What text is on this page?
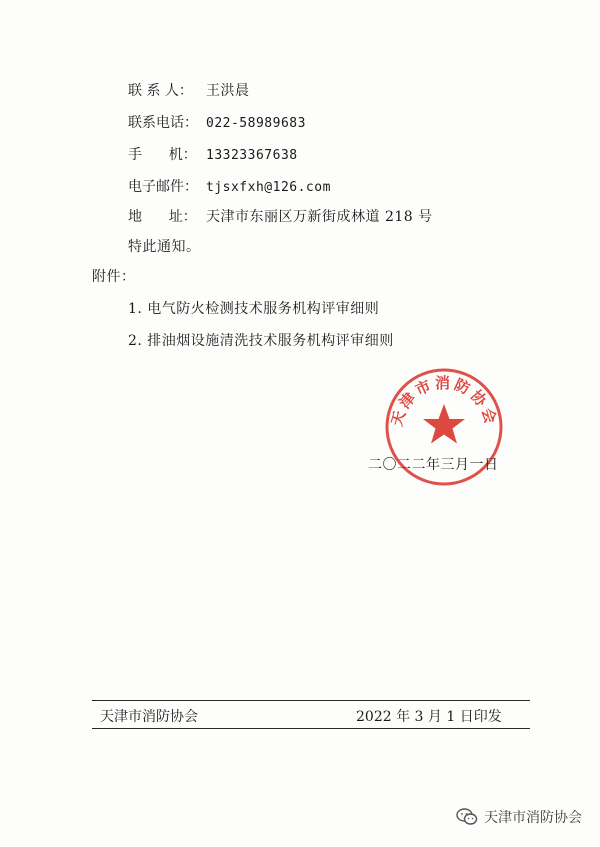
联 系 人： 王洪晨
联系电话： 022-58989683
手      机： 13323367638
电子邮件： tjsxfxh@126.com
地      址： 天津市东丽区万新街成林道 218 号
特此通知。
附件：
1. 电气防火检测技术服务机构评审细则
2. 排油烟设施清洗技术服务机构评审细则
天津市消防协会
二〇二二年三月一日
天津市消防协会	2022 年 3 月 1 日印发
天津市消防协会
